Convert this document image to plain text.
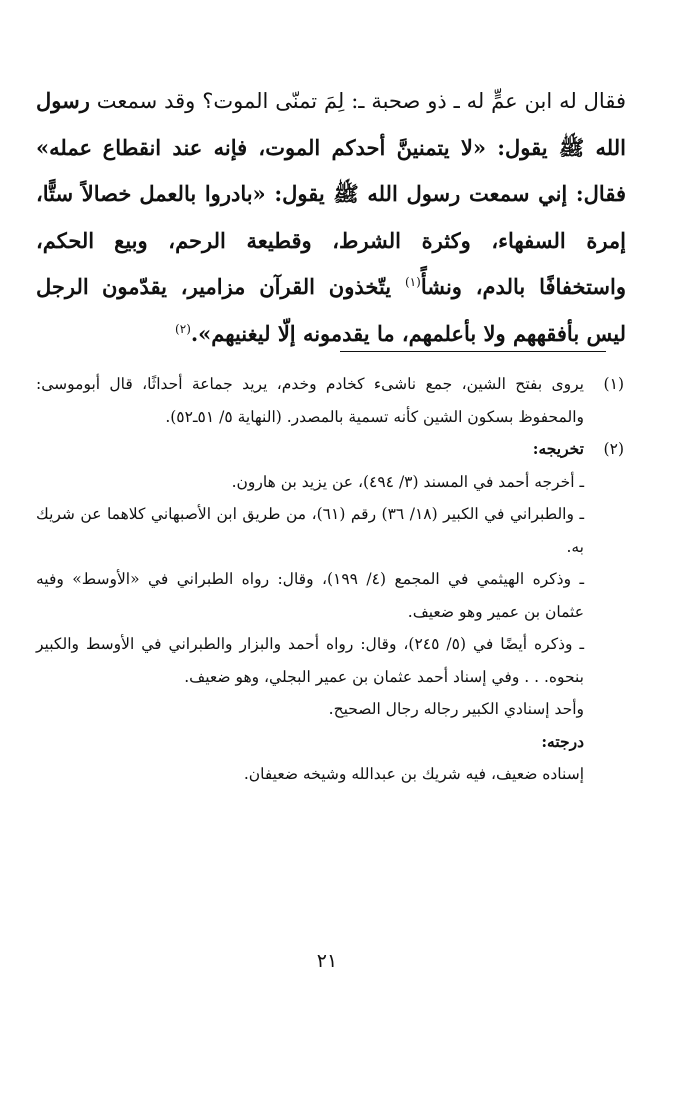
فقال له ابن عمٍّ له ـ ذو صحبة ـ: لِمَ تمنّى الموت؟ وقد سمعت رسول الله ﷺ يقول: «لا يتمنينَّ أحدكم الموت، فإنه عند انقطاع عمله» فقال: إني سمعت رسول الله ﷺ يقول: «بادروا بالعمل خصالاً ستًّا، إمرة السفهاء، وكثرة الشرط، وقطيعة الرحم، وبيع الحكم، واستخفافًا بالدم، ونشأً$^{(١)}$ يتّخذون القرآن مزامير، يقدّمون الرجل ليس بأفقههم ولا بأعلمهم، ما يقدمونه إلّا ليغنيهم».$^{(٢)}$

(١)

يروى بفتح الشين، جمع ناشىء كخادم وخدم، يريد جماعة أحداثًا، قال أبوموسى: والمحفوظ بسكون الشين كأنه تسمية بالمصدر. (النهاية ٥/ ٥١ـ٥٢).

(٢)

تخريجه:

ـ أخرجه أحمد في المسند (٣/ ٤٩٤)، عن يزيد بن هارون.

ـ والطبراني في الكبير (١٨/ ٣٦) رقم (٦١)، من طريق ابن الأصبهاني كلاهما عن شريك به.

ـ وذكره الهيثمي في المجمع (٤/ ١٩٩)، وقال: رواه الطبراني في «الأوسط» وفيه عثمان بن عمير وهو ضعيف.

ـ وذكره أيضًا في (٥/ ٢٤٥)، وقال: رواه أحمد والبزار والطبراني في الأوسط والكبير بنحوه. . . وفي إسناد أحمد عثمان بن عمير البجلي، وهو ضعيف.

وأحد إسنادي الكبير رجاله رجال الصحيح.

درجته:

إسناده ضعيف، فيه شريك بن عبدالله وشيخه ضعيفان.

٢١
